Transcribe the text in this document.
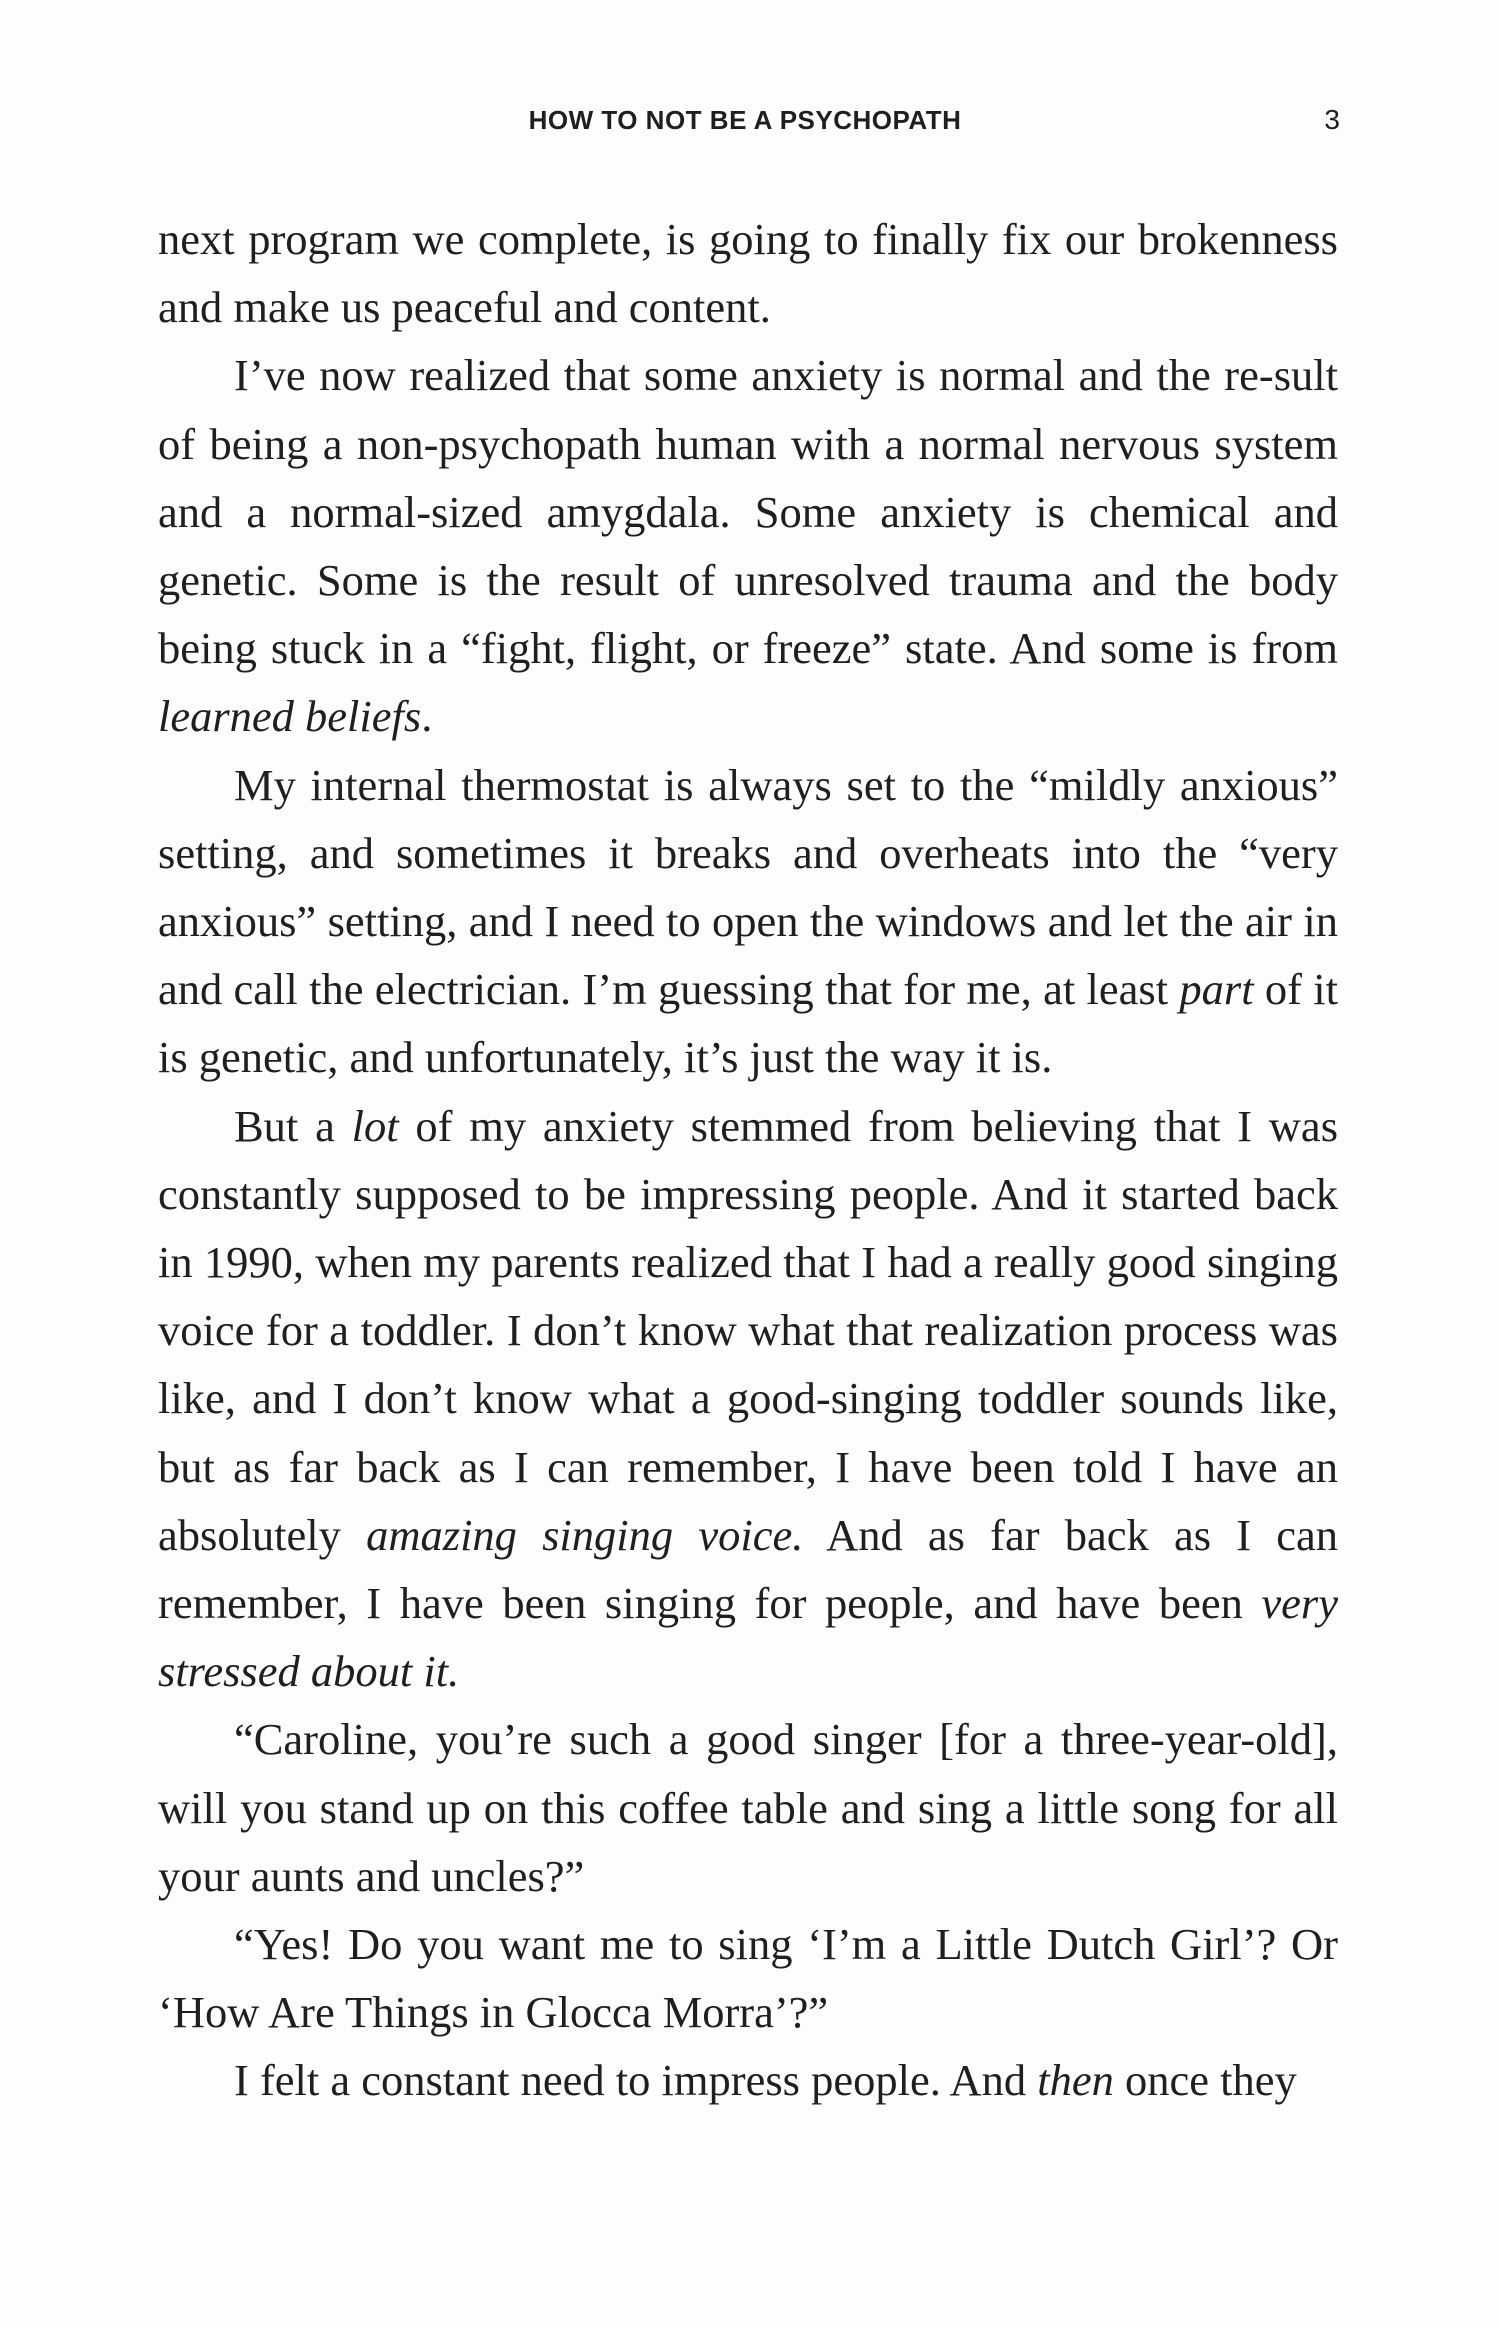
HOW TO NOT BE A PSYCHOPATH	3

next program we complete, is going to finally fix our brokenness and make us peaceful and content.

I’ve now realized that some anxiety is normal and the re-sult of being a non-psychopath human with a normal nervous system and a normal-sized amygdala. Some anxiety is chemical and genetic. Some is the result of unresolved trauma and the body being stuck in a “fight, flight, or freeze” state. And some is from learned beliefs.

My internal thermostat is always set to the “mildly anxious” setting, and sometimes it breaks and overheats into the “very anxious” setting, and I need to open the windows and let the air in and call the electrician. I’m guessing that for me, at least part of it is genetic, and unfortunately, it’s just the way it is.

But a lot of my anxiety stemmed from believing that I was constantly supposed to be impressing people. And it started back in 1990, when my parents realized that I had a really good singing voice for a toddler. I don’t know what that realization process was like, and I don’t know what a good-singing toddler sounds like, but as far back as I can remember, I have been told I have an absolutely amazing singing voice. And as far back as I can remember, I have been singing for people, and have been very stressed about it.

“Caroline, you’re such a good singer [for a three-year-old], will you stand up on this coffee table and sing a little song for all your aunts and uncles?”

“Yes! Do you want me to sing ‘I’m a Little Dutch Girl’? Or ‘How Are Things in Glocca Morra’?”

I felt a constant need to impress people. And then once they
